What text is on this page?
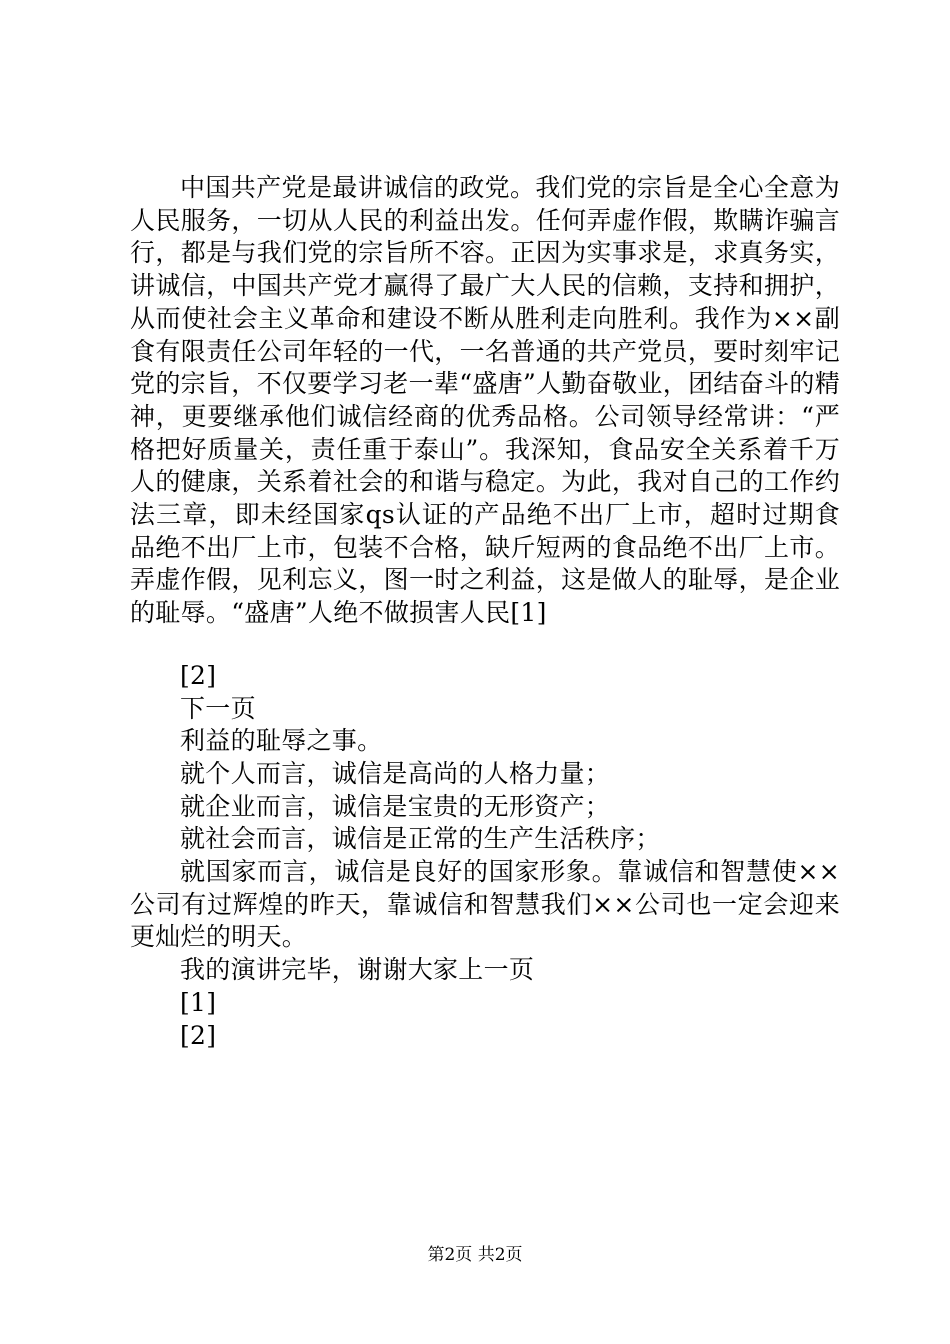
中国共产党是最讲诚信的政党。我们党的宗旨是全心全意为人民服务，一切从人民的利益出发。任何弄虚作假，欺瞒诈骗言行，都是与我们党的宗旨所不容。正因为实事求是，求真务实，讲诚信，中国共产党才赢得了最广大人民的信赖，支持和拥护，从而使社会主义革命和建设不断从胜利走向胜利。我作为××副食有限责任公司年轻的一代，一名普通的共产党员，要时刻牢记党的宗旨，不仅要学习老一辈“盛唐”人勤奋敬业，团结奋斗的精神，更要继承他们诚信经商的优秀品格。公司领导经常讲：“严格把好质量关，责任重于泰山”。我深知，食品安全关系着千万人的健康，关系着社会的和谐与稳定。为此，我对自己的工作约法三章，即未经国家qs认证的产品绝不出厂上市，超时过期食品绝不出厂上市，包装不合格，缺斤短两的食品绝不出厂上市。弄虚作假，见利忘义，图一时之利益，这是做人的耻辱，是企业的耻辱。“盛唐”人绝不做损害人民[1]

[2]

下一页

利益的耻辱之事。

就个人而言，诚信是高尚的人格力量；

就企业而言，诚信是宝贵的无形资产；

就社会而言，诚信是正常的生产生活秩序；

就国家而言，诚信是良好的国家形象。靠诚信和智慧使××公司有过辉煌的昨天，靠诚信和智慧我们××公司也一定会迎来更灿烂的明天。

我的演讲完毕，谢谢大家上一页

[1]

[2]

第2页 共2页
